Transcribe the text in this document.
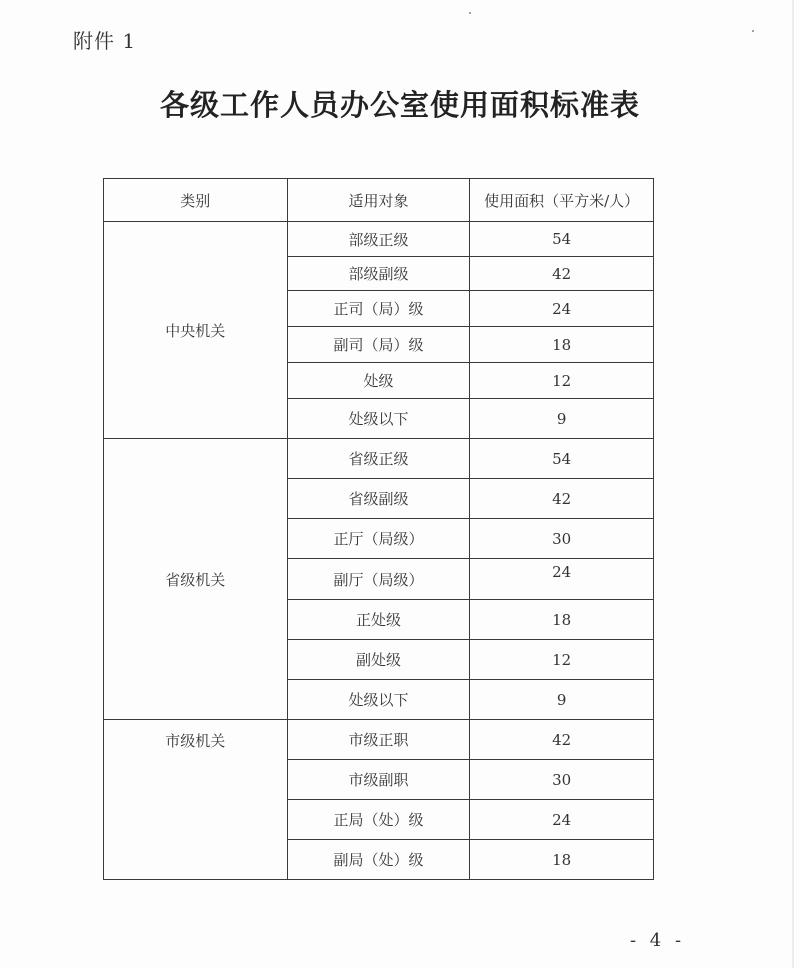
附件 1
各级工作人员办公室使用面积标准表
类别	适用对象	使用面积（平方米/人）
中央机关	部级正级	54
	部级副级	42
	正司（局）级	24
	副司（局）级	18
	处级	12
	处级以下	9
省级机关	省级正级	54
	省级副级	42
	正厅（局级）	30
	副厅（局级）	24
	正处级	18
	副处级	12
	处级以下	9
市级机关	市级正职	42
	市级副职	30
	正局（处）级	24
	副局（处）级	18
- 4 -
